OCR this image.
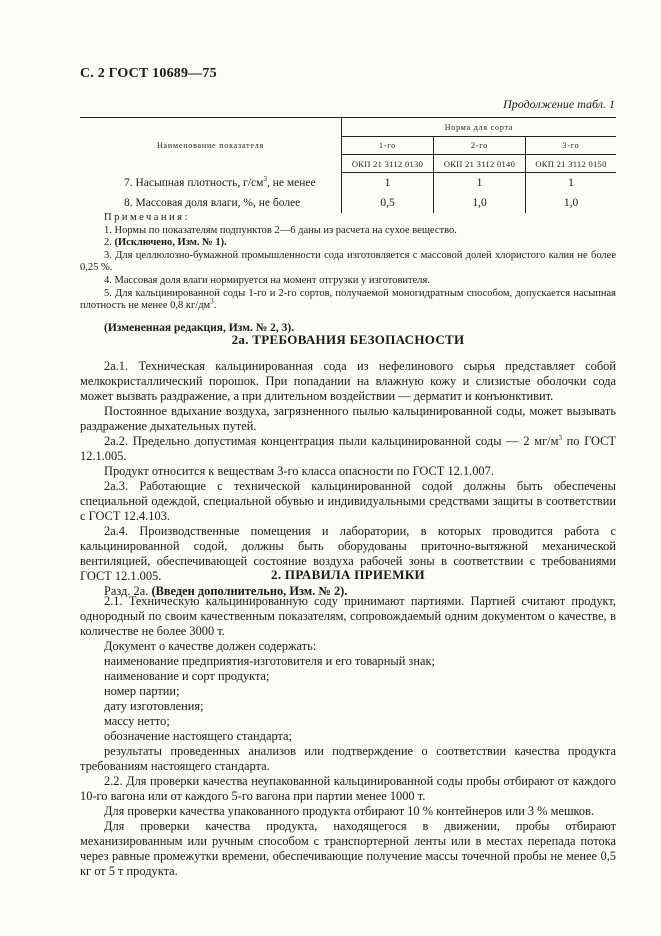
С. 2 ГОСТ 10689—75
Продолжение табл. 1
Наименование показателя	Норма для сорта		
	1-го	2-го	3-го
	ОКП 21 3112 0130	ОКП 21 3112 0140	ОКП 21 3112 0150
7. Насыпная плотность, $г/см^3$, не менее	1	1	1
8. Массовая доля влаги, %, не более	0,5	1,0	1,0
Примечания:
1. Нормы по показателям подпунктов 2—6 даны из расчета на сухое вещество.
2. (Исключено, Изм. № 1).
3. Для целлюлозно-бумажной промышленности сода изготовляется с массовой долей хлористого калия не более 0,25 %.
4. Массовая доля влаги нормируется на момент отгрузки у изготовителя.
5. Для кальцинированной соды 1-го и 2-го сортов, получаемой моногидратным способом, допускается насыпная плотность не менее 0,8 $кг/дм^3$.
(Измененная редакция, Изм. № 2, 3).
2а. ТРЕБОВАНИЯ БЕЗОПАСНОСТИ
2а.1. Техническая кальцинированная сода из нефелинового сырья представляет собой мелкокристаллический порошок. При попадании на влажную кожу и слизистые оболочки сода может вызвать раздражение, а при длительном воздействии — дерматит и конъюнктивит.
Постоянное вдыхание воздуха, загрязненного пылью кальцинированной соды, может вызывать раздражение дыхательных путей.
2а.2. Предельно допустимая концентрация пыли кальцинированной соды — 2 $мг/м^3$ по ГОСТ 12.1.005.
Продукт относится к веществам 3-го класса опасности по ГОСТ 12.1.007.
2а.3. Работающие с технической кальцинированной содой должны быть обеспечены специальной одеждой, специальной обувью и индивидуальными средствами защиты в соответствии с ГОСТ 12.4.103.
2а.4. Производственные помещения и лаборатории, в которых проводится работа с кальцинированной содой, должны быть оборудованы приточно-вытяжной механической вентиляцией, обеспечивающей состояние воздуха рабочей зоны в соответствии с требованиями ГОСТ 12.1.005.
Разд. 2а. (Введен дополнительно, Изм. № 2).
2. ПРАВИЛА ПРИЕМКИ
2.1. Техническую кальцинированную соду принимают партиями. Партией считают продукт, однородный по своим качественным показателям, сопровождаемый одним документом о качестве, в количестве не более 3000 т.
Документ о качестве должен содержать:
наименование предприятия-изготовителя и его товарный знак;
наименование и сорт продукта;
номер партии;
дату изготовления;
массу нетто;
обозначение настоящего стандарта;
результаты проведенных анализов или подтверждение о соответствии качества продукта требованиям настоящего стандарта.
2.2. Для проверки качества неупакованной кальцинированной соды пробы отбирают от каждого 10-го вагона или от каждого 5-го вагона при партии менее 1000 т.
Для проверки качества упакованного продукта отбирают 10 % контейнеров или 3 % мешков.
Для проверки качества продукта, находящегося в движении, пробы отбирают механизированным или ручным способом с транспортерной ленты или в местах перепада потока через равные промежутки времени, обеспечивающие получение массы точечной пробы не менее 0,5 кг от 5 т продукта.
